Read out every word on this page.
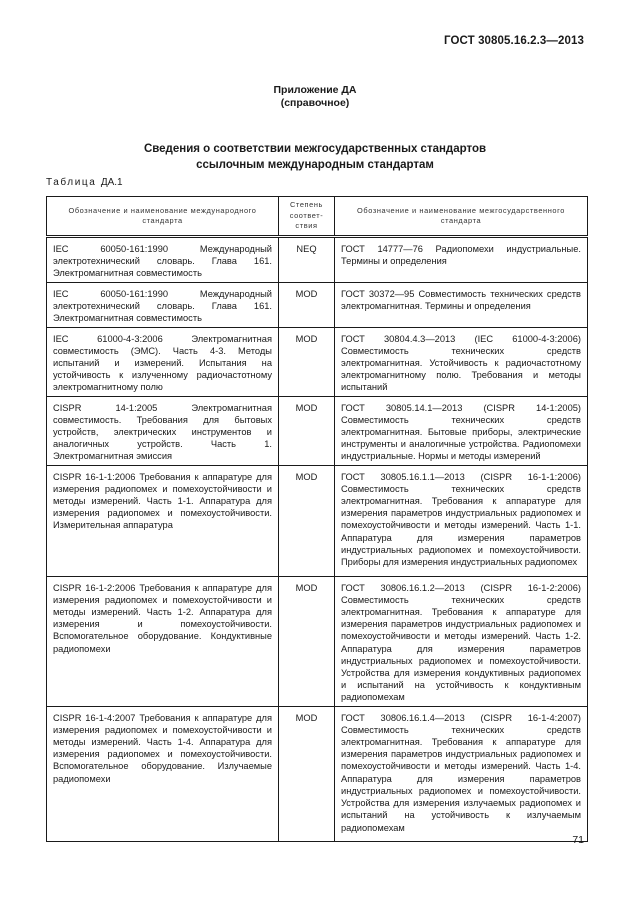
ГОСТ 30805.16.2.3—2013
Приложение ДА
(справочное)
Сведения о соответствии межгосударственных стандартов
ссылочным международным стандартам
Таблица ДА.1
Обозначение и наименование международного стандарта	Степень соответ-ствия	Обозначение и наименование межгосударственного стандарта
IEC 60050-161:1990 Международный электротехнический словарь. Глава 161. Электромагнитная совместимость	NEQ	ГОСТ 14777—76 Радиопомехи индустриальные. Термины и определения
IEC 60050-161:1990 Международный электротехнический словарь. Глава 161. Электромагнитная совместимость	MOD	ГОСТ 30372—95 Совместимость технических средств электромагнитная. Термины и определения
IEC 61000-4-3:2006 Электромагнитная совместимость (ЭМС). Часть 4-3. Методы испытаний и измерений. Испытания на устойчивость к излученному радиочастотному электромагнитному полю	MOD	ГОСТ 30804.4.3—2013 (IEC 61000-4-3:2006) Совместимость технических средств электромагнитная. Устойчивость к радиочастотному электромагнитному полю. Требования и методы испытаний
CISPR 14-1:2005 Электромагнитная совместимость. Требования для бытовых устройств, электрических инструментов и аналогичных устройств. Часть 1. Электромагнитная эмиссия	MOD	ГОСТ 30805.14.1—2013 (CISPR 14-1:2005) Совместимость технических средств электромагнитная. Бытовые приборы, электрические инструменты и аналогичные устройства. Радиопомехи индустриальные. Нормы и методы измерений
CISPR 16-1-1:2006 Требования к аппаратуре для измерения радиопомех и помехоустойчивости и методы измерений. Часть 1-1. Аппаратура для измерения радиопомех и помехоустойчивости. Измерительная аппаратура	MOD	ГОСТ 30805.16.1.1—2013 (CISPR 16-1-1:2006) Совместимость технических средств электромагнитная. Требования к аппаратуре для измерения параметров индустриальных радиопомех и помехоустойчивости и методы измерений. Часть 1-1. Аппаратура для измерения параметров индустриальных радиопомех и помехоустойчивости. Приборы для измерения индустриальных радиопомех
CISPR 16-1-2:2006 Требования к аппаратуре для измерения радиопомех и помехоустойчивости и методы измерений. Часть 1-2. Аппаратура для измерения и помехоустойчивости. Вспомогательное оборудование. Кондуктивные радиопомехи	MOD	ГОСТ 30806.16.1.2—2013 (CISPR 16-1-2:2006) Совместимость технических средств электромагнитная. Требования к аппаратуре для измерения параметров индустриальных радиопомех и помехоустойчивости и методы измерений. Часть 1-2. Аппаратура для измерения параметров индустриальных радиопомех и помехоустойчивости. Устройства для измерения кондуктивных радиопомех и испытаний на устойчивость к кондуктивным радиопомехам
CISPR 16-1-4:2007 Требования к аппаратуре для измерения радиопомех и помехоустойчивости и методы измерений. Часть 1-4. Аппаратура для измерения радиопомех и помехоустойчивости. Вспомогательное оборудование. Излучаемые радиопомехи	MOD	ГОСТ 30806.16.1.4—2013 (CISPR 16-1-4:2007) Совместимость технических средств электромагнитная. Требования к аппаратуре для измерения параметров индустриальных радиопомех и помехоустойчивости и методы измерений. Часть 1-4. Аппаратура для измерения параметров индустриальных радиопомех и помехоустойчивости. Устройства для измерения излучаемых радиопомех и испытаний на устойчивость к излучаемым радиопомехам
71
